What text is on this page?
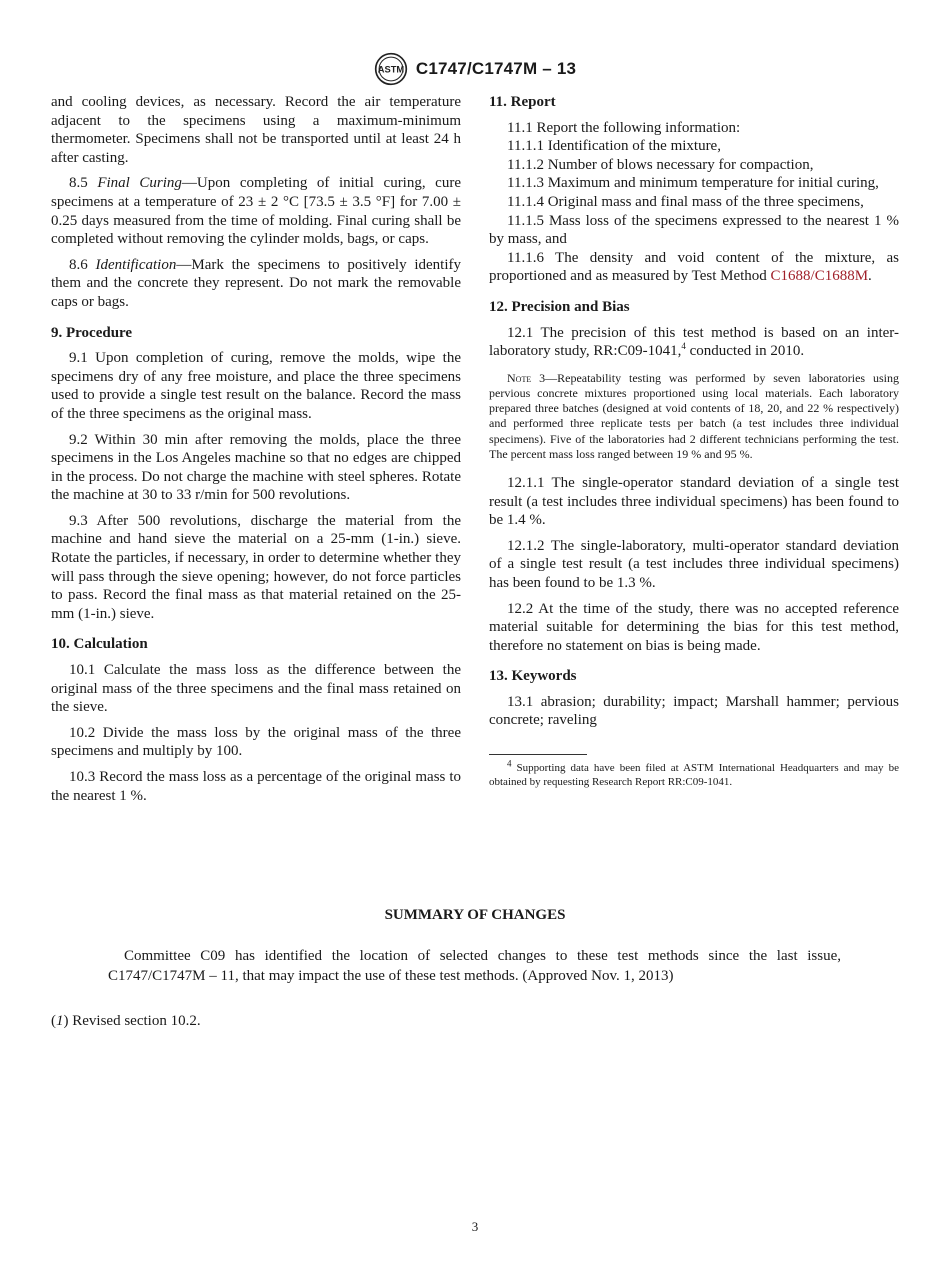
ASTM C1747/C1747M – 13

and cooling devices, as necessary. Record the air temperature adjacent to the specimens using a maximum-minimum thermometer. Specimens shall not be transported until at least 24 h after casting.

8.5 Final Curing—Upon completing of initial curing, cure specimens at a temperature of 23 ± 2 °C [73.5 ± 3.5 °F] for 7.00 ± 0.25 days measured from the time of molding. Final curing shall be completed without removing the cylinder molds, bags, or caps.

8.6 Identification—Mark the specimens to positively identify them and the concrete they represent. Do not mark the removable caps or bags.

9. Procedure

9.1 Upon completion of curing, remove the molds, wipe the specimens dry of any free moisture, and place the three specimens used to provide a single test result on the balance. Record the mass of the three specimens as the original mass.

9.2 Within 30 min after removing the molds, place the three specimens in the Los Angeles machine so that no edges are chipped in the process. Do not charge the machine with steel spheres. Rotate the machine at 30 to 33 r/min for 500 revolutions.

9.3 After 500 revolutions, discharge the material from the machine and hand sieve the material on a 25-mm (1-in.) sieve. Rotate the particles, if necessary, in order to determine whether they will pass through the sieve opening; however, do not force particles to pass. Record the final mass as that material retained on the 25-mm (1-in.) sieve.

10. Calculation

10.1 Calculate the mass loss as the difference between the original mass of the three specimens and the final mass retained on the sieve.

10.2 Divide the mass loss by the original mass of the three specimens and multiply by 100.

10.3 Record the mass loss as a percentage of the original mass to the nearest 1 %.

11. Report

11.1 Report the following information:

11.1.1 Identification of the mixture,

11.1.2 Number of blows necessary for compaction,

11.1.3 Maximum and minimum temperature for initial curing,

11.1.4 Original mass and final mass of the three specimens,

11.1.5 Mass loss of the specimens expressed to the nearest 1 % by mass, and

11.1.6 The density and void content of the mixture, as proportioned and as measured by Test Method C1688/C1688M.

12. Precision and Bias

12.1 The precision of this test method is based on an inter-laboratory study, RR:C09-1041,$^4$ conducted in 2010.

Note 3—Repeatability testing was performed by seven laboratories using pervious concrete mixtures proportioned using local materials. Each laboratory prepared three batches (designed at void contents of 18, 20, and 22 % respectively) and performed three replicate tests per batch (a test includes three individual specimens). Five of the laboratories had 2 different technicians performing the test. The percent mass loss ranged between 19 % and 95 %.

12.1.1 The single-operator standard deviation of a single test result (a test includes three individual specimens) has been found to be 1.4 %.

12.1.2 The single-laboratory, multi-operator standard deviation of a single test result (a test includes three individual specimens) has been found to be 1.3 %.

12.2 At the time of the study, there was no accepted reference material suitable for determining the bias for this test method, therefore no statement on bias is being made.

13. Keywords

13.1 abrasion; durability; impact; Marshall hammer; pervious concrete; raveling

$^4$ Supporting data have been filed at ASTM International Headquarters and may be obtained by requesting Research Report RR:C09-1041.

SUMMARY OF CHANGES

Committee C09 has identified the location of selected changes to these test methods since the last issue, C1747/C1747M – 11, that may impact the use of these test methods. (Approved Nov. 1, 2013)

(1) Revised section 10.2.
3
